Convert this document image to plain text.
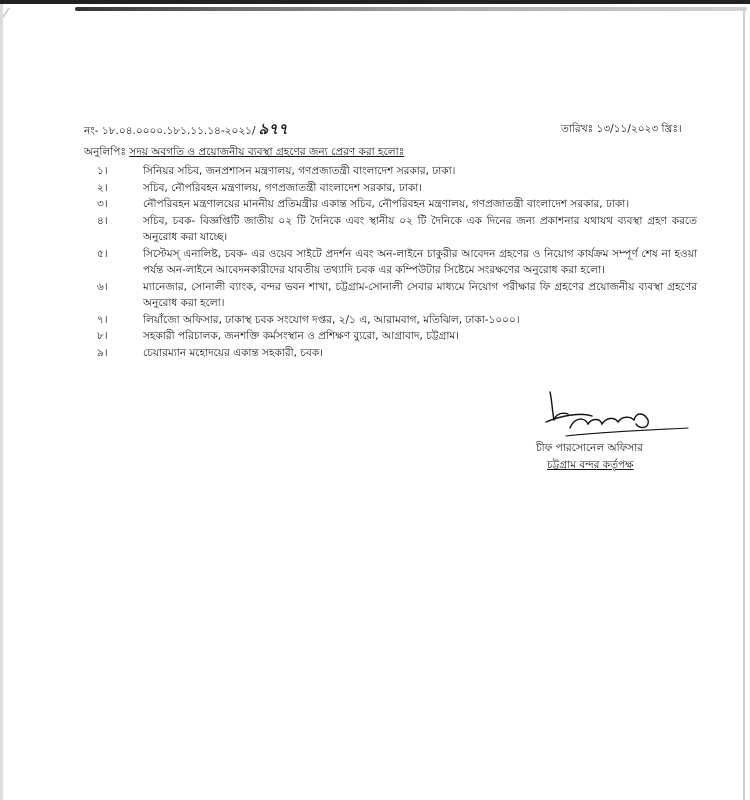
নং- ১৮.০৪.০০০০.১৮১.১১.১৪-২০২১/ ৯৭৭	তারিখঃ ১৩/১১/২০২৩ খ্রিঃ।
অনুলিপিঃ সদয় অবগতি ও প্রয়োজনীয় ব্যবস্থা গ্রহণের জন্য প্রেরণ করা হলোঃ
১।	সিনিয়র সচিব, জনপ্রশাসন মন্ত্রণালয়, গণপ্রজাতন্ত্রী বাংলাদেশ সরকার, ঢাকা।
২।	সচিব, নৌপরিবহন মন্ত্রণালয়, গণপ্রজাতন্ত্রী বাংলাদেশ সরকার, ঢাকা।
৩।	নৌপরিবহন মন্ত্রণালয়ের মাননীয় প্রতিমন্ত্রীর একান্ত সচিব, নৌপরিবহন মন্ত্রণালয়, গণপ্রজাতন্ত্রী বাংলাদেশ সরকার, ঢাকা।
৪।	সচিব, চবক- বিজ্ঞপ্তিটি জাতীয় ০২ টি দৈনিকে এবং স্থানীয় ০২ টি দৈনিকে এক দিনের জন্য প্রকাশনার যথাযথ ব্যবস্থা গ্রহণ করতে অনুরোধ করা যাচ্ছে।
৫।	সিস্টেমস্ এনালিষ্ট, চবক- এর ওয়েব সাইটে প্রদর্শন এবং অন-লাইনে চাকুরীর আবেদন গ্রহণের ও নিয়োগ কার্যক্রম সম্পূর্ণ শেষ না হওয়া পর্যন্ত অন-লাইনে আবেদনকারীদের যাবতীয় তথ্যাদি চবক এর কম্পিউটার সিষ্টেমে সংরক্ষণের অনুরোধ করা হলো।
৬।	ম্যানেজার, সোনালী ব্যাংক, বন্দর ভবন শাখা, চট্টগ্রাম-সোনালী সেবার মাধ্যমে নিয়োগ পরীক্ষার ফি গ্রহণের প্রয়োজনীয় ব্যবস্থা গ্রহণের অনুরোধ করা হলো।
৭।	লিয়াঁজো অফিসার, ঢাকাস্থ চবক সংযোগ দপ্তর, ২/১ এ, আরামবাগ, মতিঝিল, ঢাকা-১০০০।
৮।	সহকারী পরিচালক, জনশক্তি কর্মসংস্থান ও প্রশিক্ষণ ব্যুরো, আগ্রাবাদ, চট্টগ্রাম।
৯।	চেয়ারম্যান মহোদয়ের একান্ত সহকারী, চবক।
চীফ পারসোনেল অফিসার
চট্টগ্রাম বন্দর কর্তৃপক্ষ
